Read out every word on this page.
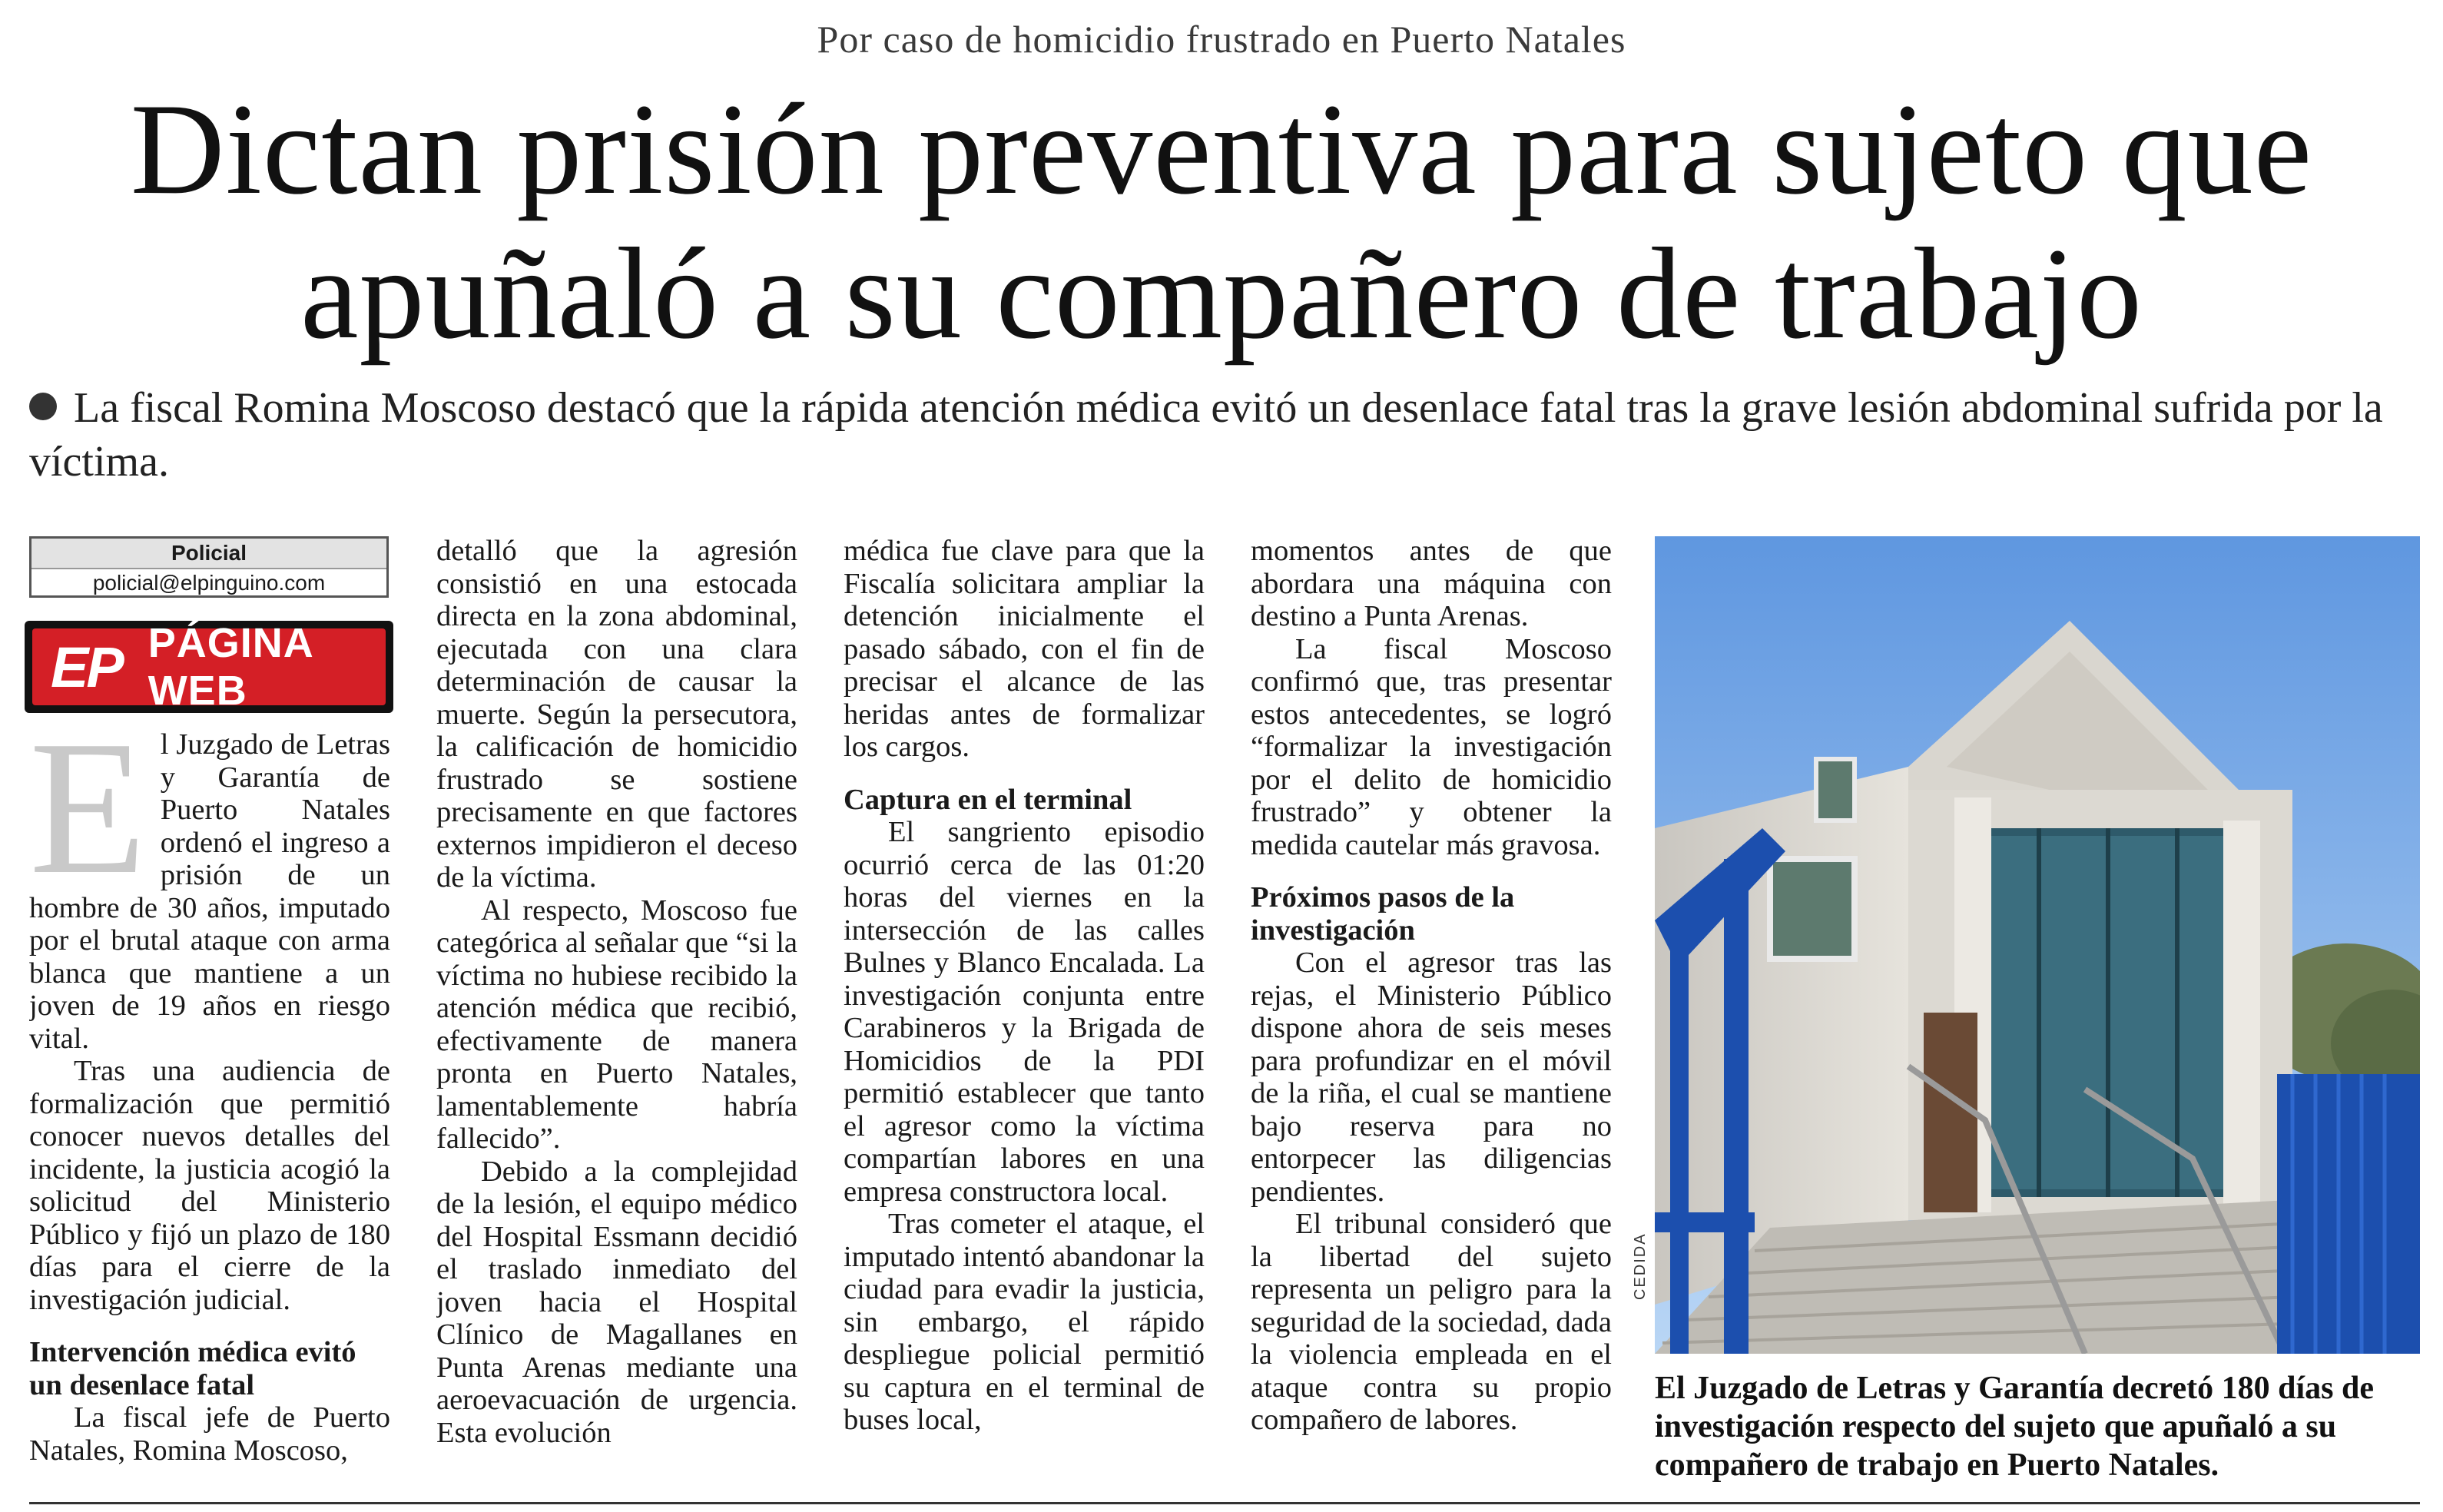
Por caso de homicidio frustrado en Puerto Natales
Dictan prisión preventiva para sujeto que
apuñaló a su compañero de trabajo
La fiscal Romina Moscoso destacó que la rápida atención médica evitó un desenlace fatal tras la grave lesión abdominal sufrida por la víctima.
Policial
policial@elpinguino.com
EP PÁGINA WEB
E l Juzgado de Letras y Garantía de Puerto Natales ordenó el ingreso a prisión de un hombre de 30 años, imputado por el brutal ataque con arma blanca que mantiene a un joven de 19 años en riesgo vital.

Tras una audiencia de formalización que permitió conocer nuevos detalles del incidente, la justicia acogió la solicitud del Ministerio Público y fijó un plazo de 180 días para el cierre de la investigación judicial.

Intervención médica evitó un desenlace fatal

La fiscal jefe de Puerto Natales, Romina Moscoso,

detalló que la agresión consistió en una estocada directa en la zona abdominal, ejecutada con una clara determinación de causar la muerte. Según la persecutora, la calificación de homicidio frustrado se sostiene precisamente en que factores externos impidieron el deceso de la víctima.

Al respecto, Moscoso fue categórica al señalar que “si la víctima no hubiese recibido la atención médica que recibió, efectivamente de manera pronta en Puerto Natales, lamentablemente habría fallecido”.

Debido a la complejidad de la lesión, el equipo médico del Hospital Essmann decidió el traslado inmediato del joven hacia el Hospital Clínico de Magallanes en Punta Arenas mediante una aeroevacuación de urgencia. Esta evolución

médica fue clave para que la Fiscalía solicitara ampliar la detención inicialmente el pasado sábado, con el fin de precisar el alcance de las heridas antes de formalizar los cargos.

Captura en el terminal

El sangriento episodio ocurrió cerca de las 01:20 horas del viernes en la intersección de las calles Bulnes y Blanco Encalada. La investigación conjunta entre Carabineros y la Brigada de Homicidios de la PDI permitió establecer que tanto el agresor como la víctima compartían labores en una empresa constructora local.

Tras cometer el ataque, el imputado intentó abandonar la ciudad para evadir la justicia, sin embargo, el rápido despliegue policial permitió su captura en el terminal de buses local,

momentos antes de que abordara una máquina con destino a Punta Arenas.

La fiscal Moscoso confirmó que, tras presentar estos antecedentes, se logró “formalizar la investigación por el delito de homicidio frustrado” y obtener la medida cautelar más gravosa.

Próximos pasos de la investigación

Con el agresor tras las rejas, el Ministerio Público dispone ahora de seis meses para profundizar en el móvil de la riña, el cual se mantiene bajo reserva para no entorpecer las diligencias pendientes.

El tribunal consideró que la libertad del sujeto representa un peligro para la seguridad de la sociedad, dada la violencia empleada en el ataque contra su propio compañero de labores.

CEDIDA
El Juzgado de Letras y Garantía decretó 180 días de investigación respecto del sujeto que apuñaló a su compañero de trabajo en Puerto Natales.
